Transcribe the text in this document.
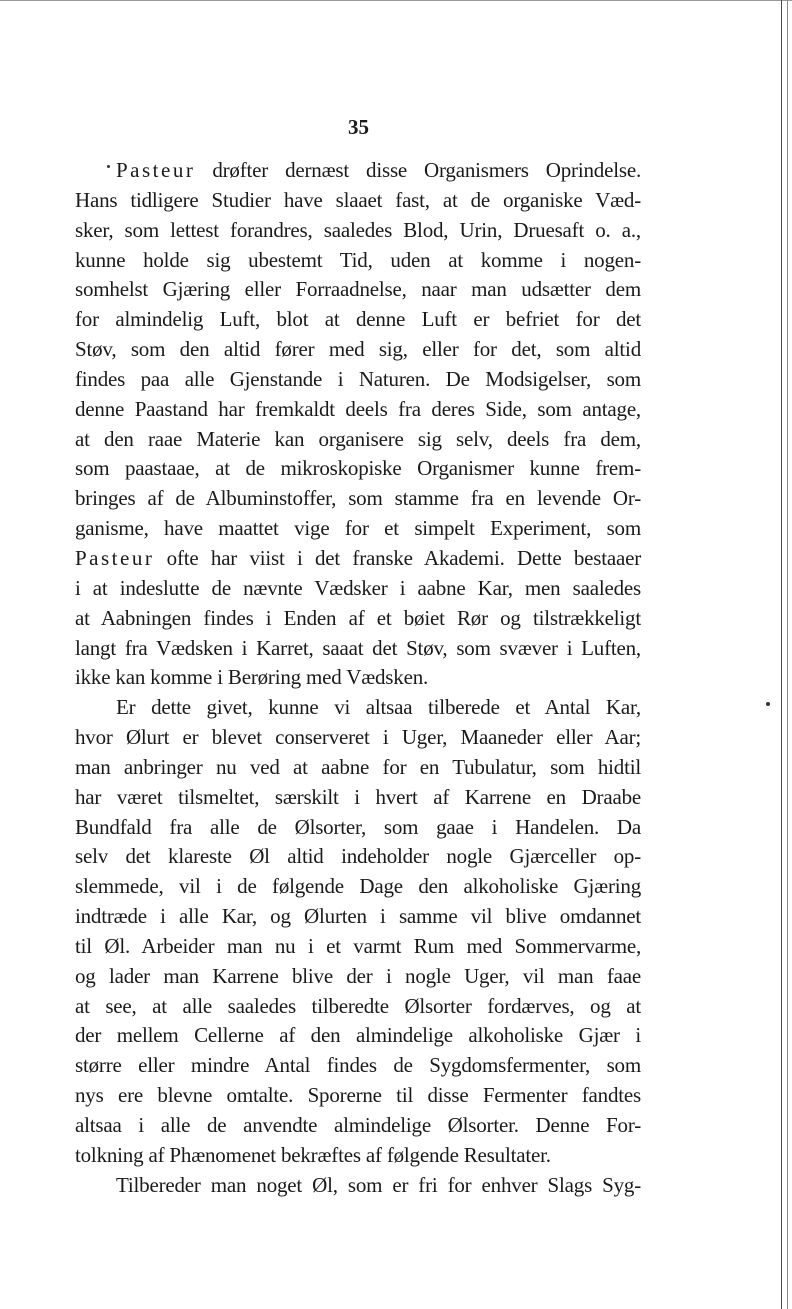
35
Pasteur drøfter dernæst disse Organismers Oprindelse.
Hans tidligere Studier have slaaet fast, at de organiske Væd-
sker, som lettest forandres, saaledes Blod, Urin, Druesaft o. a.,
kunne holde sig ubestemt Tid, uden at komme i nogen-
somhelst Gjæring eller Forraadnelse, naar man udsætter dem
for almindelig Luft, blot at denne Luft er befriet for det
Støv, som den altid fører med sig, eller for det, som altid
findes paa alle Gjenstande i Naturen. De Modsigelser, som
denne Paastand har fremkaldt deels fra deres Side, som antage,
at den raae Materie kan organisere sig selv, deels fra dem,
som paastaae, at de mikroskopiske Organismer kunne frem-
bringes af de Albuminstoffer, som stamme fra en levende Or-
ganisme, have maattet vige for et simpelt Experiment, som
Pasteur ofte har viist i det franske Akademi. Dette bestaaer
i at indeslutte de nævnte Vædsker i aabne Kar, men saaledes
at Aabningen findes i Enden af et bøiet Rør og tilstrækkeligt
langt fra Vædsken i Karret, saaat det Støv, som svæver i Luften,
ikke kan komme i Berøring med Vædsken.
Er dette givet, kunne vi altsaa tilberede et Antal Kar,
hvor Ølurt er blevet conserveret i Uger, Maaneder eller Aar;
man anbringer nu ved at aabne for en Tubulatur, som hidtil
har været tilsmeltet, særskilt i hvert af Karrene en Draabe
Bundfald fra alle de Ølsorter, som gaae i Handelen. Da
selv det klareste Øl altid indeholder nogle Gjærceller op-
slemmede, vil i de følgende Dage den alkoholiske Gjæring
indtræde i alle Kar, og Ølurten i samme vil blive omdannet
til Øl. Arbeider man nu i et varmt Rum med Sommervarme,
og lader man Karrene blive der i nogle Uger, vil man faae
at see, at alle saaledes tilberedte Ølsorter fordærves, og at
der mellem Cellerne af den almindelige alkoholiske Gjær i
større eller mindre Antal findes de Sygdomsfermenter, som
nys ere blevne omtalte. Sporerne til disse Fermenter fandtes
altsaa i alle de anvendte almindelige Ølsorter. Denne For-
tolkning af Phænomenet bekræftes af følgende Resultater.
Tilbereder man noget Øl, som er fri for enhver Slags Syg-
